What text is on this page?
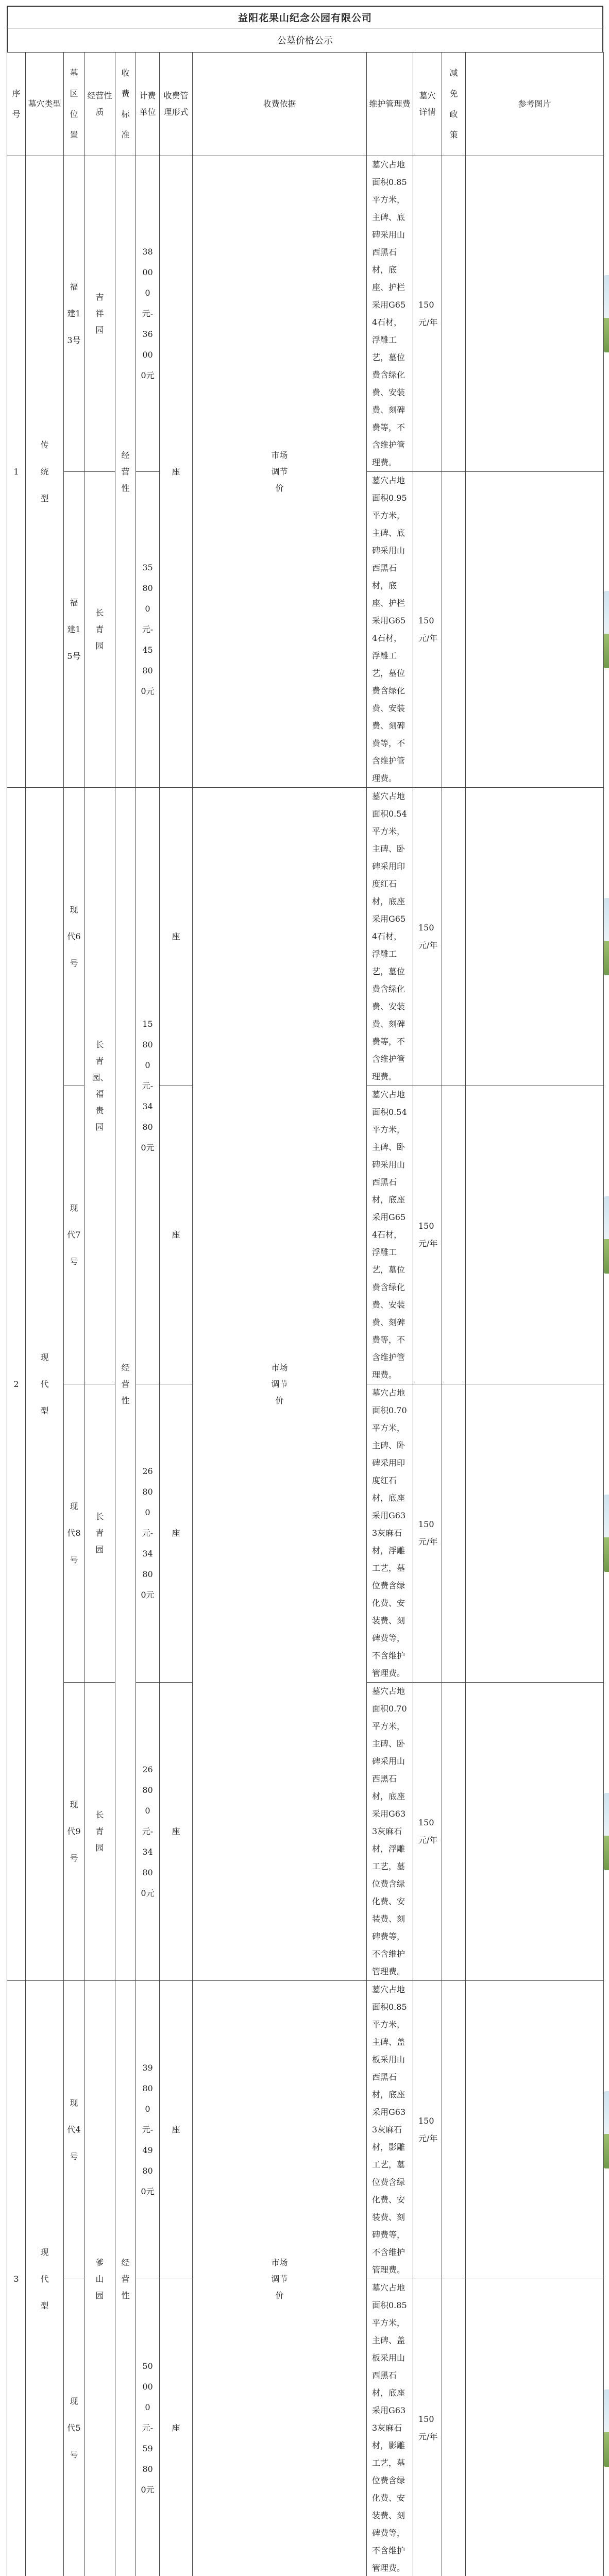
益阳花果山纪念公园有限公司
公墓价格公示
序号	墓穴类型	墓区位置	经营性质	收费标准	计费单位	收费管理形式	收费依据	维护管理费	墓穴详情	减免政策	参考图片	
1	传统型	福建13号	吉祥园	经营性	38000元-36000元	座	市场调节价	墓穴占地面积0.85平方米，主碑、底碑采用山西黑石材，底座、护栏采用G654石材，浮雕工艺，墓位费含绿化费、安装费、刻碑费等，不含维护管理费。	150元/年			

		福建15号	长青园		35800元-45800元			墓穴占地面积0.95平方米，主碑、底碑采用山西黑石材，底座、护栏采用G654石材，浮雕工艺，墓位费含绿化费、安装费、刻碑费等，不含维护管理费。	150元/年			

2	现代型	现代6号	长青园、福贵园	经营性	15800元-34800元	座	市场调节价	墓穴占地面积0.54平方米，主碑、卧碑采用印度红石材，底座采用G654石材，浮雕工艺，墓位费含绿化费、安装费、刻碑费等，不含维护管理费。	150元/年			

		现代7号				座		墓穴占地面积0.54平方米，主碑、卧碑采用山西黑石材，底座采用G654石材，浮雕工艺，墓位费含绿化费、安装费、刻碑费等，不含维护管理费。	150元/年			

		现代8号	长青园		26800元-34800元	座		墓穴占地面积0.70平方米，主碑、卧碑采用印度红石材，底座采用G633灰麻石材，浮雕工艺，墓位费含绿化费、安装费、刻碑费等，不含维护管理费。	150元/年			

		现代9号	长青园		26800元-34800元	座		墓穴占地面积0.70平方米，主碑、卧碑采用山西黑石材，底座采用G633灰麻石材，浮雕工艺，墓位费含绿化费、安装费、刻碑费等，不含维护管理费。	150元/年			

3	现代型	现代4号	爹山园	经营性	39800元-49800元	座	市场调节价	墓穴占地面积0.85平方米，主碑、盖板采用山西黑石材，底座采用G633灰麻石材，影雕工艺，墓位费含绿化费、安装费、刻碑费等，不含维护管理费。	150元/年			

		现代5号			50000元-59800元	座		墓穴占地面积0.85平方米，主碑、盖板采用山西黑石材，底座采用G633灰麻石材，影雕工艺，墓位费含绿化费、安装费、刻碑费等，不含维护管理费。	150元/年			
